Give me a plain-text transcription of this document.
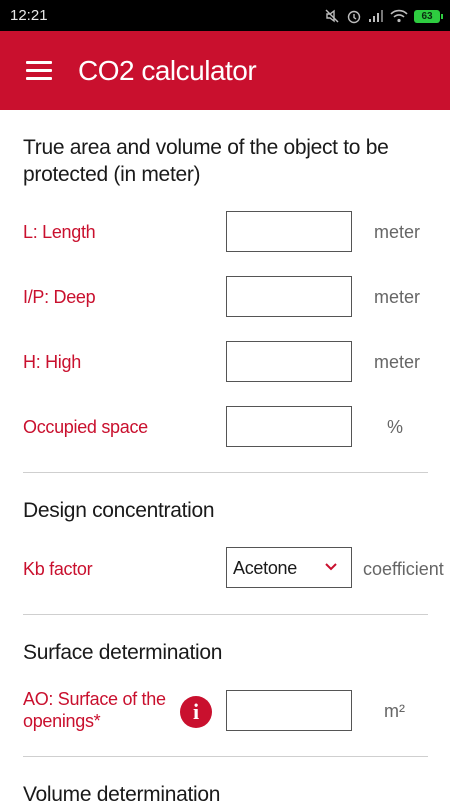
12:21	63
CO2 calculator
True area and volume of the object to be protected (in meter)
L: Length	meter
I/P: Deep	meter
H: High	meter
Occupied space	%
Design concentration
Kb factor	Acetone	coefficient
Surface determination
AO: Surface of the openings*	i	m²
Volume determination
